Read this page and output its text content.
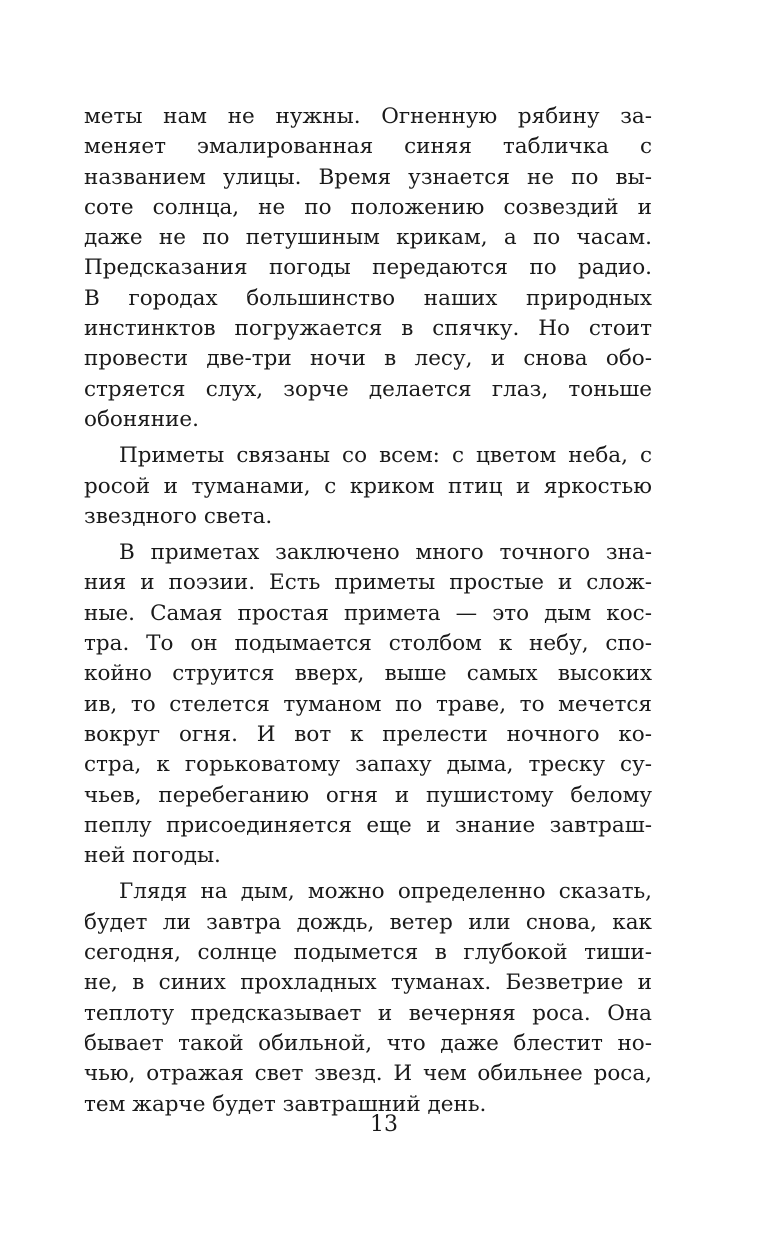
меты нам не нужны. Огненную рябину за-
меняет эмалированная синяя табличка с
названием улицы. Время узнается не по вы-
соте солнца, не по положению созвездий и
даже не по петушиным крикам, а по часам.
Предсказания погоды передаются по радио.
В городах большинство наших природных
инстинктов погружается в спячку. Но стоит
провести две-три ночи в лесу, и снова обо-
стряется слух, зорче делается глаз, тоньше
обоняние.
Приметы связаны со всем: с цветом неба, с
росой и туманами, с криком птиц и яркостью
звездного света.
В приметах заключено много точного зна-
ния и поэзии. Есть приметы простые и слож-
ные. Самая простая примета — это дым кос-
тра. То он подымается столбом к небу, спо-
койно струится вверх, выше самых высоких
ив, то стелется туманом по траве, то мечется
вокруг огня. И вот к прелести ночного ко-
стра, к горьковатому запаху дыма, треску су-
чьев, перебеганию огня и пушистому белому
пеплу присоединяется еще и знание завтраш-
ней погоды.
Глядя на дым, можно определенно сказать,
будет ли завтра дождь, ветер или снова, как
сегодня, солнце подымется в глубокой тиши-
не, в синих прохладных туманах. Безветрие и
теплоту предсказывает и вечерняя роса. Она
бывает такой обильной, что даже блестит но-
чью, отражая свет звезд. И чем обильнее роса,
тем жарче будет завтрашний день.
13
